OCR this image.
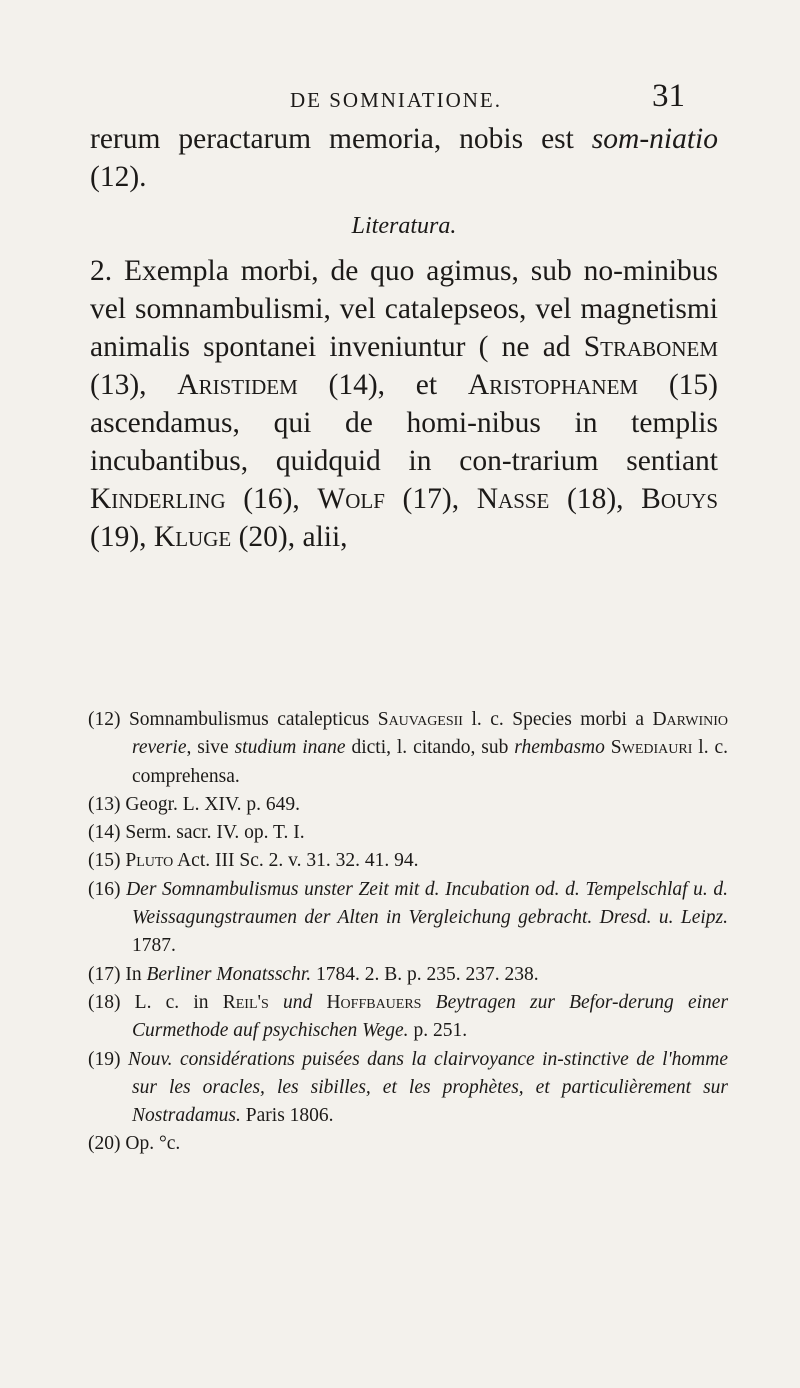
DE SOMNIATIONE.	31

rerum peractarum memoria, nobis est som-niatio (12).

Literatura.

2. Exempla morbi, de quo agimus, sub no-minibus vel somnambulismi, vel catalepseos, vel magnetismi animalis spontanei inveniuntur ( ne ad Strabonem (13), Aristidem (14), et Aristophanem (15) ascendamus, qui de homi-nibus in templis incubantibus, quidquid in con-trarium sentiant Kinderling (16), Wolf (17), Nasse (18), Bouys (19), Kluge (20), alii,

(12) Somnambulismus catalepticus Sauvagesii l. c. Species morbi a Darwinio reverie, sive studium inane dicti, l. citando, sub rhembasmo Swediauri l. c. comprehensa.

(13) Geogr. L. XIV. p. 649.

(14) Serm. sacr. IV. op. T. I.

(15) Pluto Act. III Sc. 2. v. 31. 32. 41. 94.

(16) Der Somnambulismus unster Zeit mit d. Incubation od. d. Tempelschlaf u. d. Weissagungstraumen der Alten in Vergleichung gebracht. Dresd. u. Leipz. 1787.

(17) In Berliner Monatsschr. 1784. 2. B. p. 235. 237. 238.

(18) L. c. in Reil's und Hoffbauers Beytragen zur Befor-derung einer Curmethode auf psychischen Wege. p. 251.

(19) Nouv. considérations puisées dans la clairvoyance in-stinctive de l'homme sur les oracles, les sibilles, et les prophètes, et particulièrement sur Nostradamus. Paris 1806.

(20) Op. °c.
